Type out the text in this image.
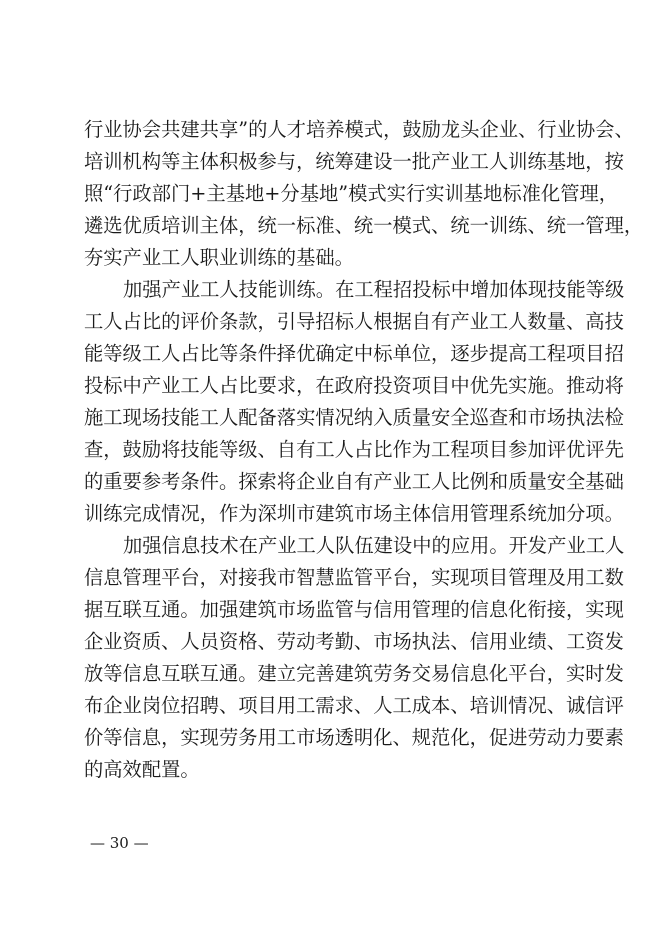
行业协会共建共享”的人才培养模式，鼓励龙头企业、行业协会、
培训机构等主体积极参与，统筹建设一批产业工人训练基地，按
照“行政部门+主基地+分基地”模式实行实训基地标准化管理，
遴选优质培训主体，统一标准、统一模式、统一训练、统一管理，
夯实产业工人职业训练的基础。
加强产业工人技能训练。在工程招投标中增加体现技能等级
工人占比的评价条款，引导招标人根据自有产业工人数量、高技
能等级工人占比等条件择优确定中标单位，逐步提高工程项目招
投标中产业工人占比要求，在政府投资项目中优先实施。推动将
施工现场技能工人配备落实情况纳入质量安全巡查和市场执法检
查，鼓励将技能等级、自有工人占比作为工程项目参加评优评先
的重要参考条件。探索将企业自有产业工人比例和质量安全基础
训练完成情况，作为深圳市建筑市场主体信用管理系统加分项。
加强信息技术在产业工人队伍建设中的应用。开发产业工人
信息管理平台，对接我市智慧监管平台，实现项目管理及用工数
据互联互通。加强建筑市场监管与信用管理的信息化衔接，实现
企业资质、人员资格、劳动考勤、市场执法、信用业绩、工资发
放等信息互联互通。建立完善建筑劳务交易信息化平台，实时发
布企业岗位招聘、项目用工需求、人工成本、培训情况、诚信评
价等信息，实现劳务用工市场透明化、规范化，促进劳动力要素
的高效配置。
— 30 —
